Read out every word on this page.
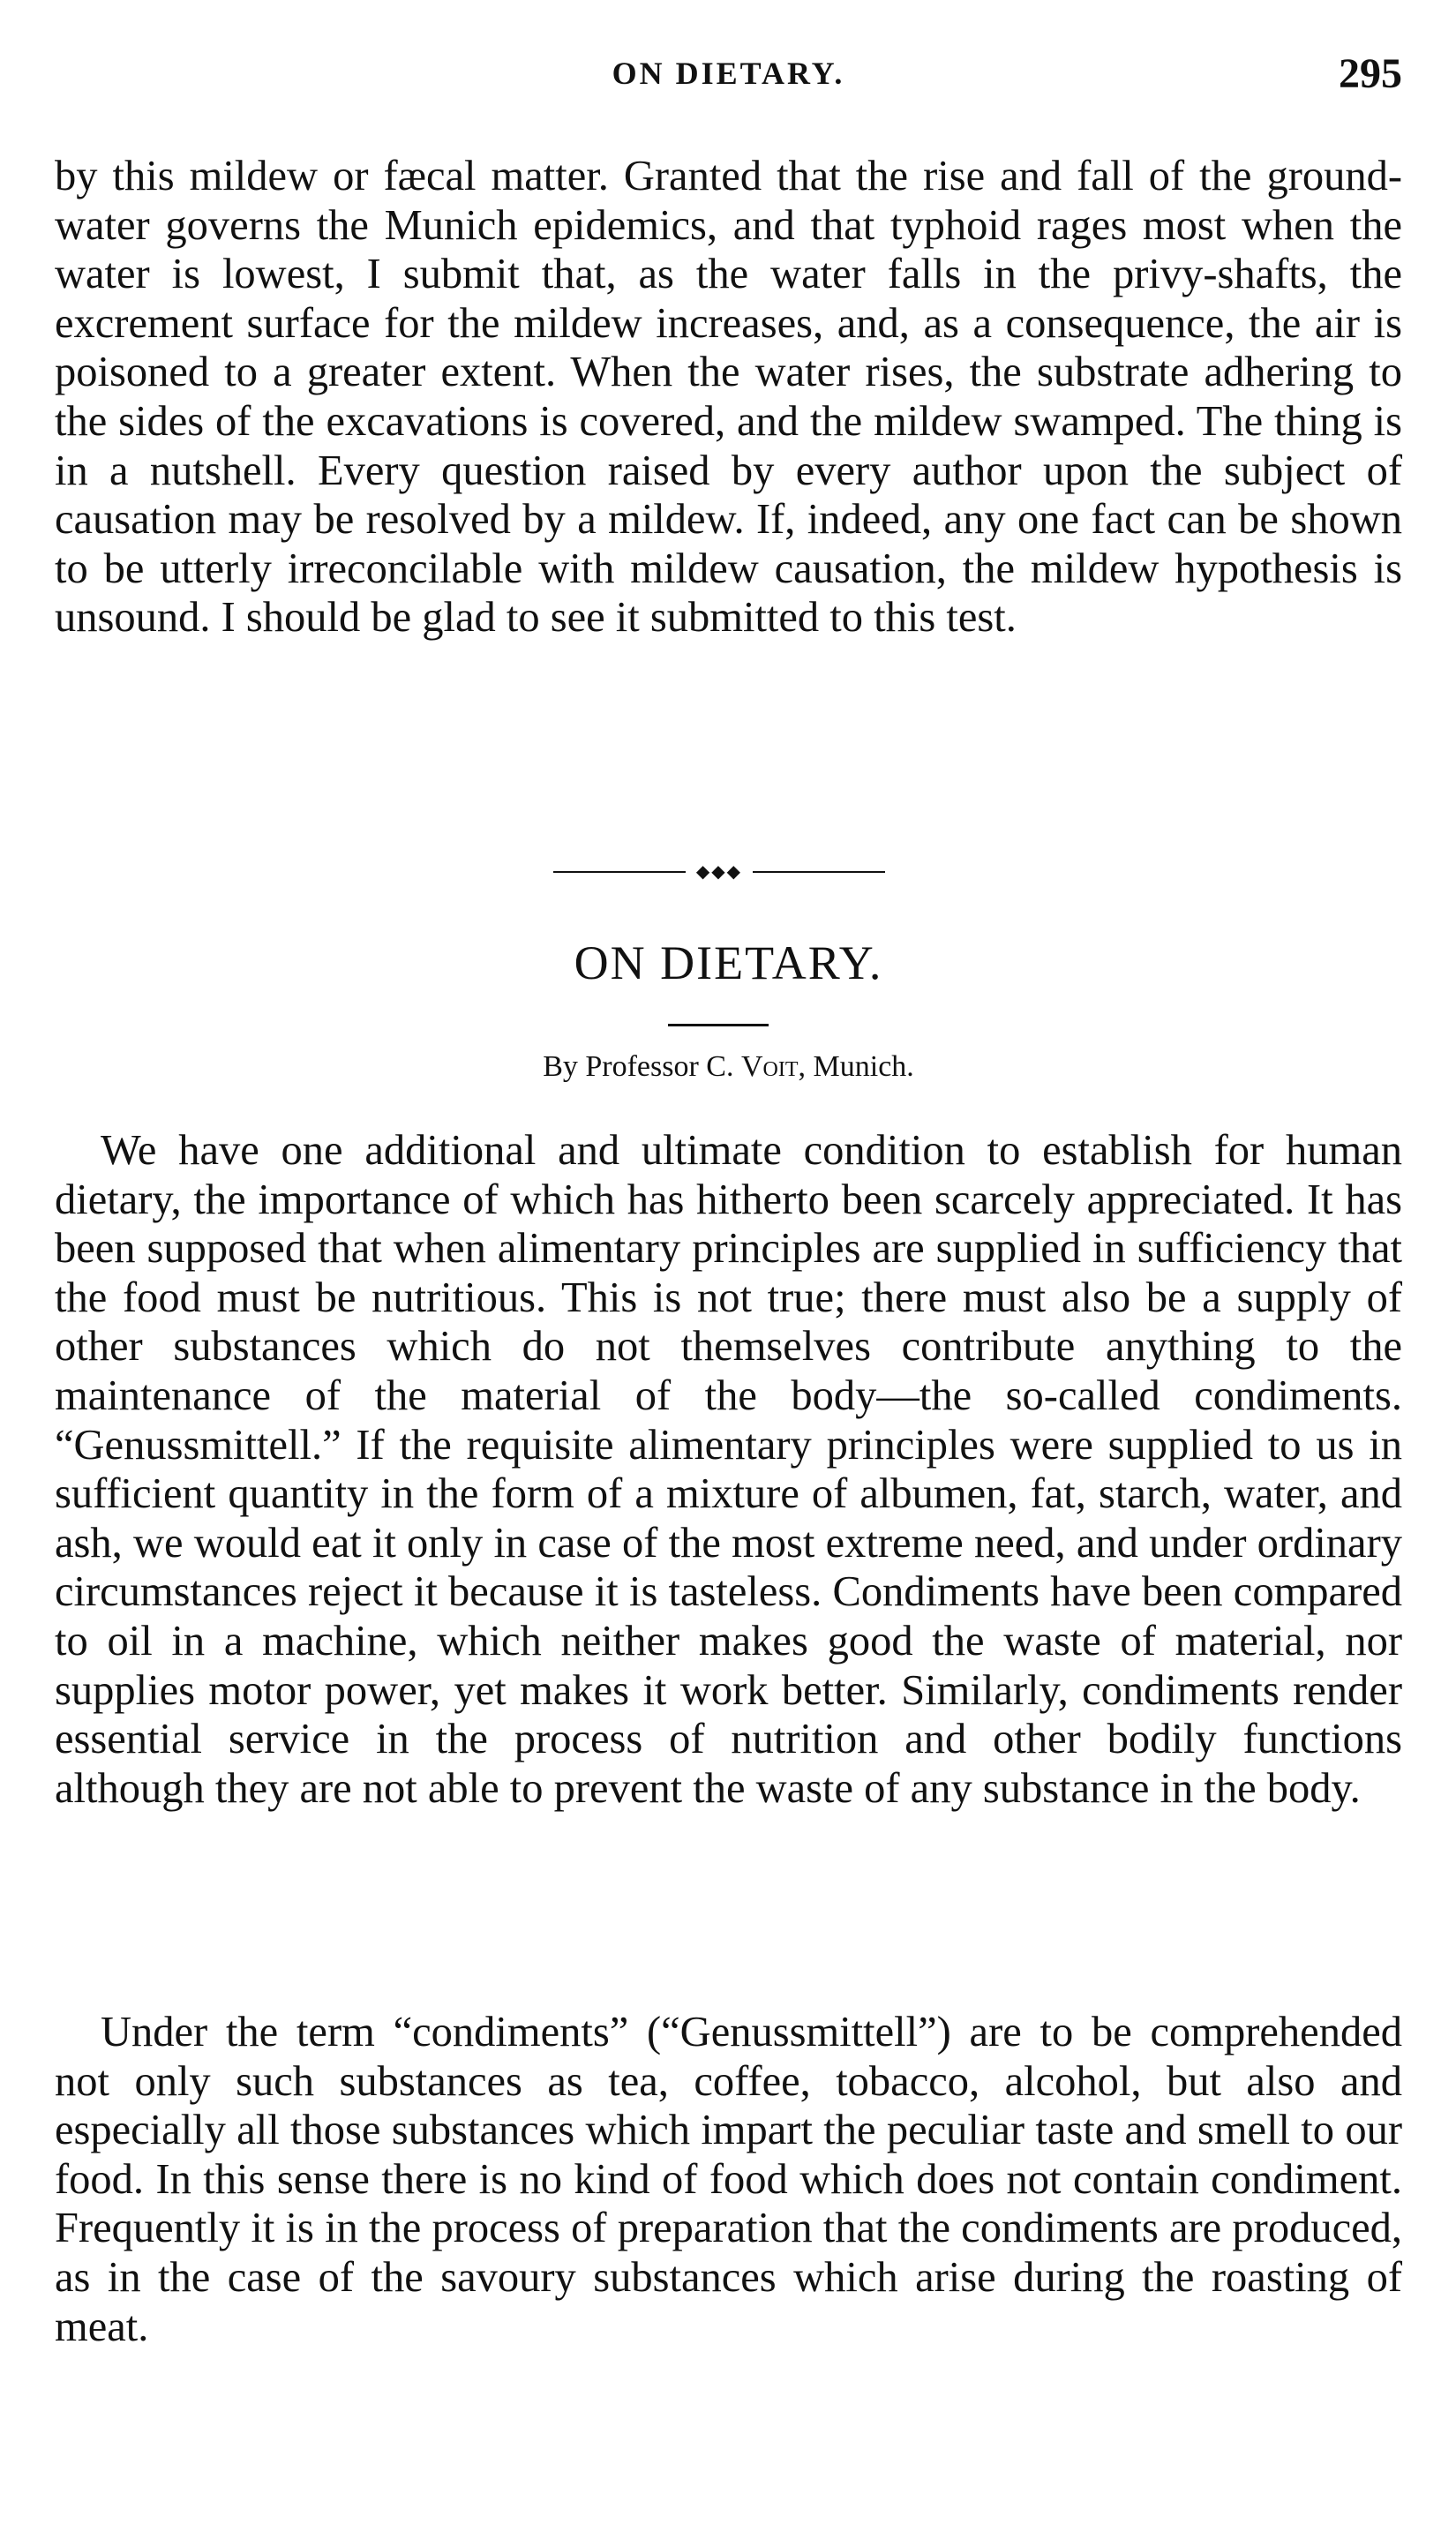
ON DIETARY.	295
by this mildew or fæcal matter. Granted that the rise and fall of the ground-water governs the Munich epidemics, and that typhoid rages most when the water is lowest, I submit that, as the water falls in the privy-shafts, the excrement surface for the mildew increases, and, as a consequence, the air is poisoned to a greater extent. When the water rises, the substrate adhering to the sides of the excavations is covered, and the mildew swamped. The thing is in a nutshell. Every question raised by every author upon the subject of causation may be resolved by a mildew. If, indeed, any one fact can be shown to be utterly irreconcilable with mildew causation, the mildew hypothesis is unsound. I should be glad to see it submitted to this test.
◆◆◆
ON DIETARY.
By Professor C. Voit, Munich.
We have one additional and ultimate condition to establish for human dietary, the importance of which has hitherto been scarcely appreciated. It has been supposed that when alimentary principles are supplied in sufficiency that the food must be nutritious. This is not true; there must also be a supply of other substances which do not themselves contribute anything to the maintenance of the material of the body—the so-called condiments. “Genussmittell.” If the requisite alimentary principles were supplied to us in sufficient quantity in the form of a mixture of albumen, fat, starch, water, and ash, we would eat it only in case of the most extreme need, and under ordinary circumstances reject it because it is tasteless. Condiments have been compared to oil in a machine, which neither makes good the waste of material, nor supplies motor power, yet makes it work better. Similarly, condiments render essential service in the process of nutrition and other bodily functions although they are not able to prevent the waste of any substance in the body.
Under the term “condiments” (“Genussmittell”) are to be comprehended not only such substances as tea, coffee, tobacco, alcohol, but also and especially all those substances which impart the peculiar taste and smell to our food. In this sense there is no kind of food which does not contain condiment. Frequently it is in the process of preparation that the condiments are produced, as in the case of the savoury substances which arise during the roasting of meat.
